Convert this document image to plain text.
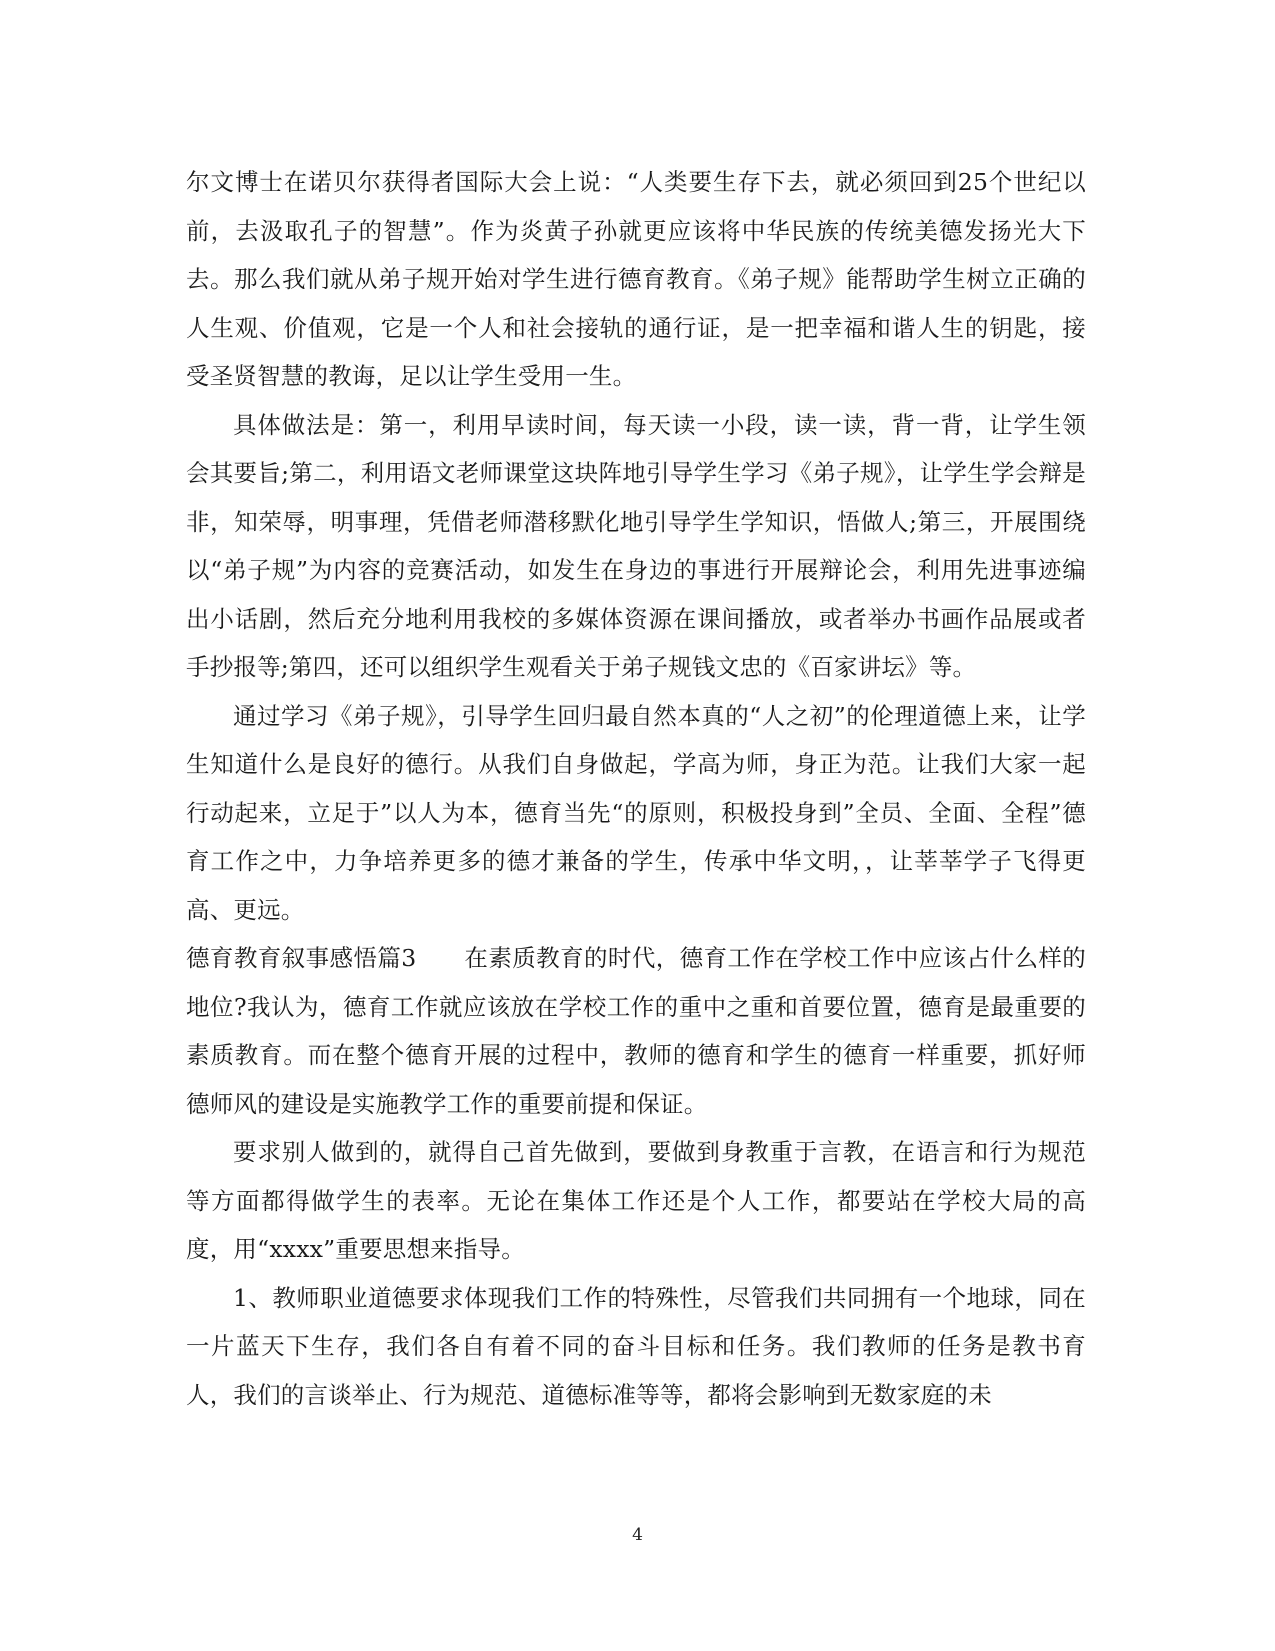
尔文博士在诺贝尔获得者国际大会上说：“人类要生存下去，就必须回到25个世纪以前，去汲取孔子的智慧”。作为炎黄子孙就更应该将中华民族的传统美德发扬光大下去。那么我们就从弟子规开始对学生进行德育教育。《弟子规》能帮助学生树立正确的人生观、价值观，它是一个人和社会接轨的通行证，是一把幸福和谐人生的钥匙，接受圣贤智慧的教诲，足以让学生受用一生。

具体做法是：第一，利用早读时间，每天读一小段，读一读，背一背，让学生领会其要旨;第二，利用语文老师课堂这块阵地引导学生学习《弟子规》，让学生学会辩是非，知荣辱，明事理，凭借老师潜移默化地引导学生学知识，悟做人;第三，开展围绕以“弟子规”为内容的竞赛活动，如发生在身边的事进行开展辩论会，利用先进事迹编出小话剧，然后充分地利用我校的多媒体资源在课间播放，或者举办书画作品展或者手抄报等;第四，还可以组织学生观看关于弟子规钱文忠的《百家讲坛》等。

通过学习《弟子规》，引导学生回归最自然本真的“人之初”的伦理道德上来，让学生知道什么是良好的德行。从我们自身做起，学高为师，身正为范。让我们大家一起行动起来，立足于”以人为本，德育当先“的原则，积极投身到”全员、全面、全程”德育工作之中，力争培养更多的德才兼备的学生，传承中华文明，，让莘莘学子飞得更高、更远。

德育教育叙事感悟篇3　　在素质教育的时代，德育工作在学校工作中应该占什么样的地位?我认为，德育工作就应该放在学校工作的重中之重和首要位置，德育是最重要的素质教育。而在整个德育开展的过程中，教师的德育和学生的德育一样重要，抓好师德师风的建设是实施教学工作的重要前提和保证。

要求别人做到的，就得自己首先做到，要做到身教重于言教，在语言和行为规范等方面都得做学生的表率。无论在集体工作还是个人工作，都要站在学校大局的高度，用“xxxx”重要思想来指导。

1、教师职业道德要求体现我们工作的特殊性，尽管我们共同拥有一个地球，同在一片蓝天下生存，我们各自有着不同的奋斗目标和任务。我们教师的任务是教书育人，我们的言谈举止、行为规范、道德标准等等，都将会影响到无数家庭的未

4
